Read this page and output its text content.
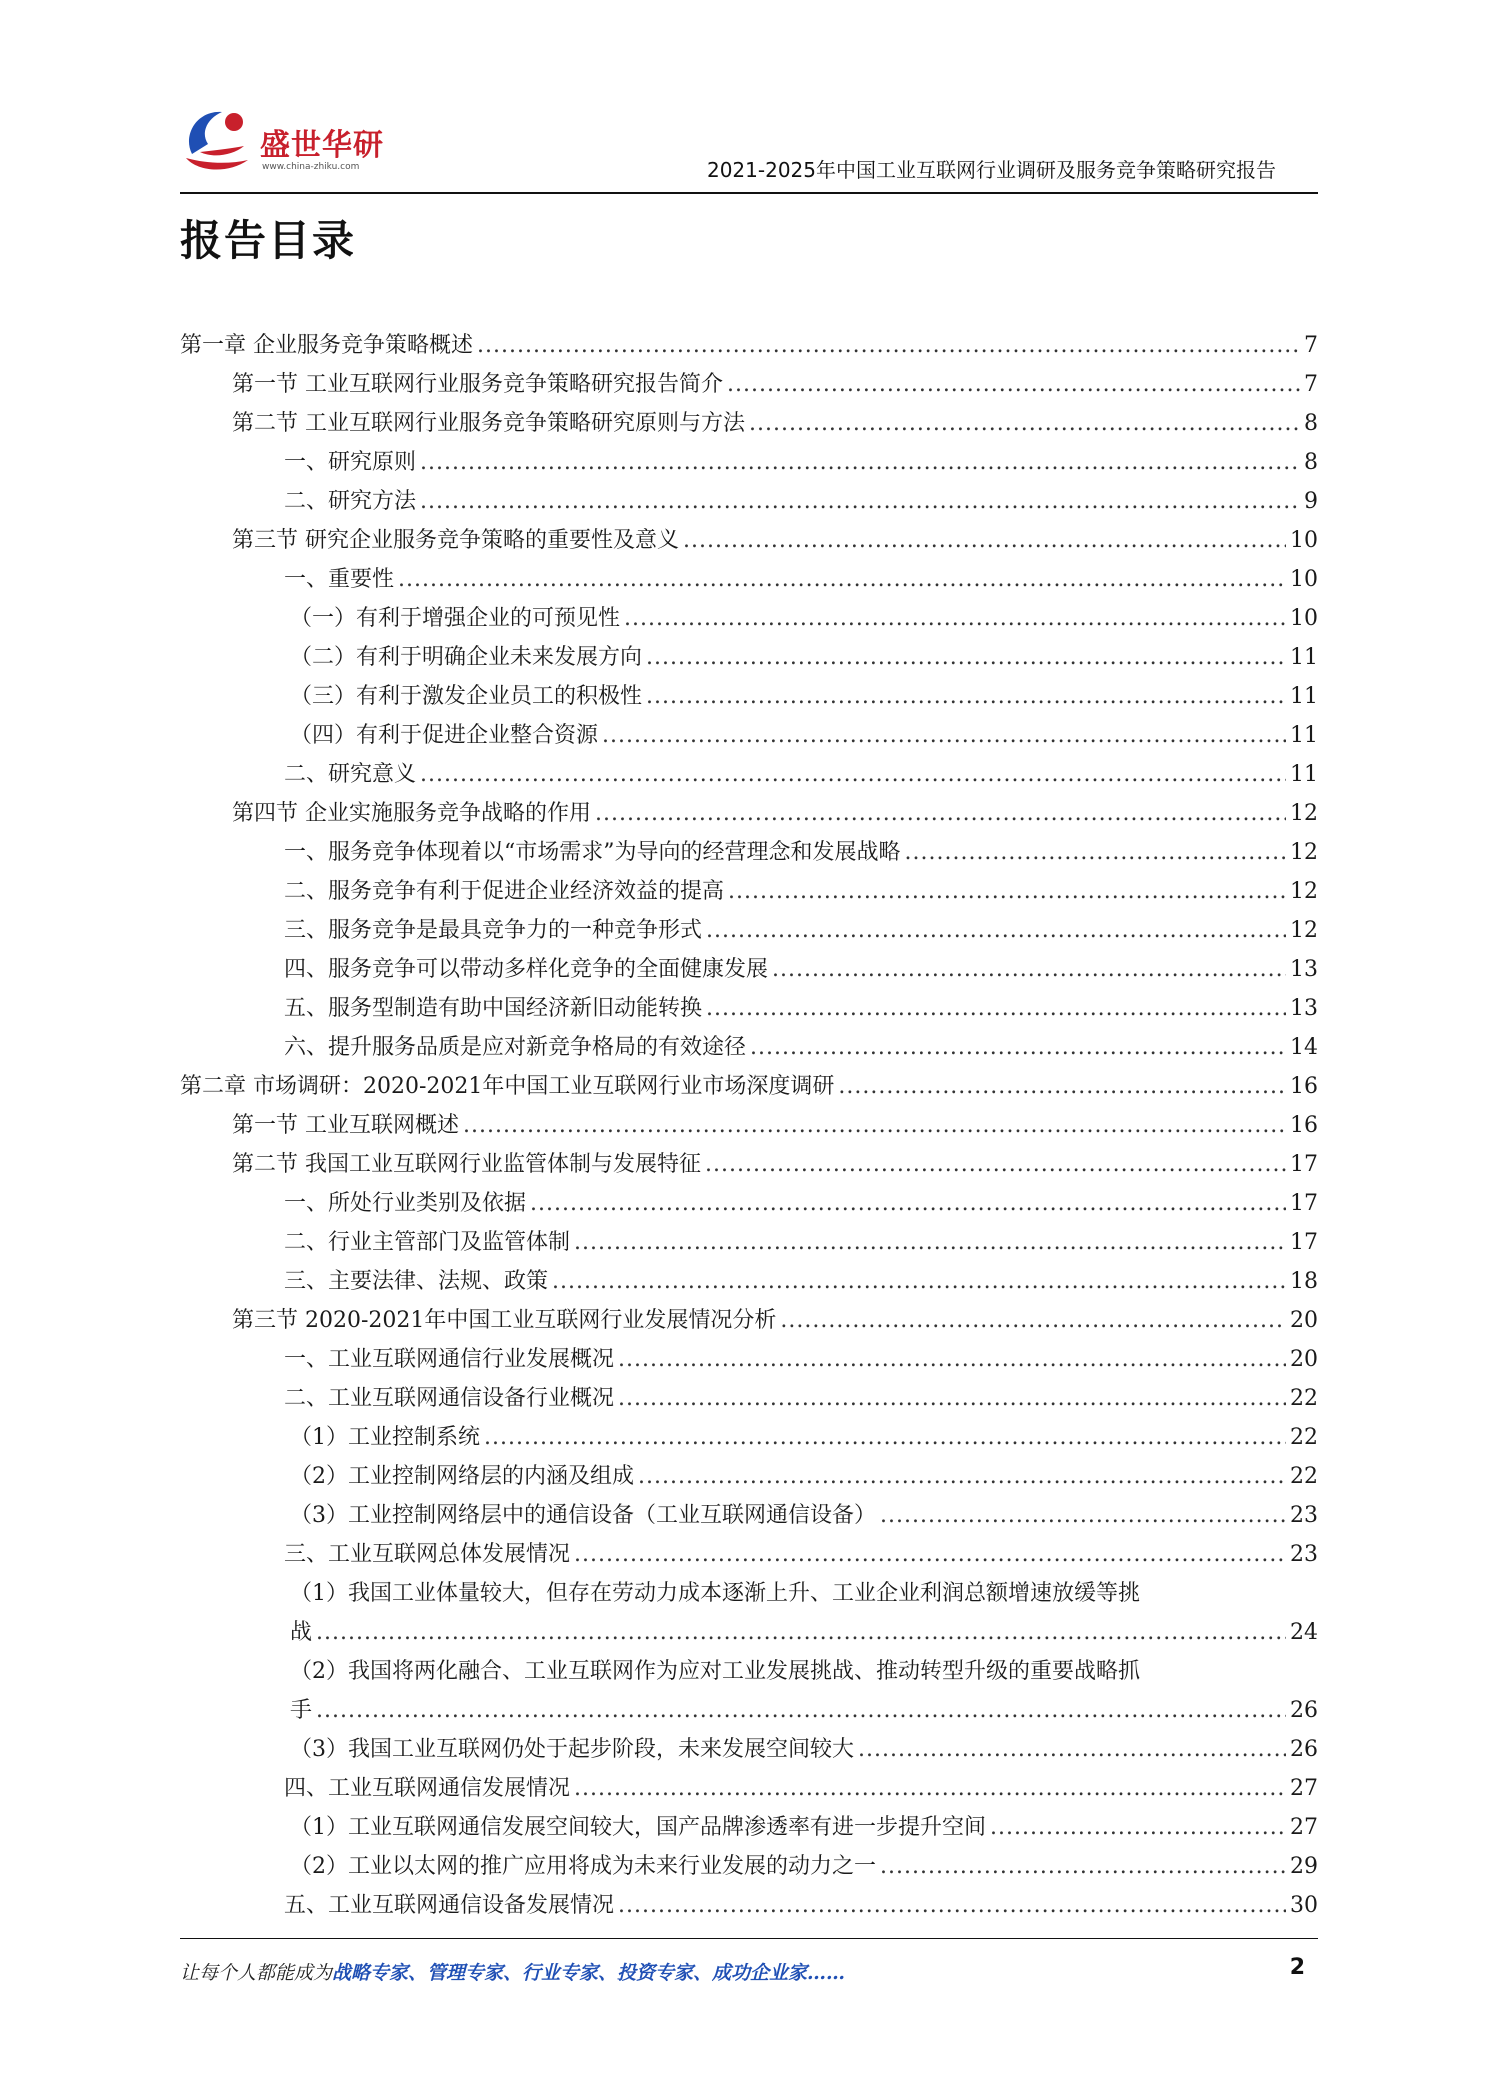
盛世华研
www.china-zhiku.com	2021-2025年中国工业互联网行业调研及服务竞争策略研究报告
报告目录
第一章 企业服务竞争策略概述 .....	7
第一节 工业互联网行业服务竞争策略研究报告简介 .....	7
第二节 工业互联网行业服务竞争策略研究原则与方法 .....	8
一、研究原则 .....	8
二、研究方法 .....	9
第三节 研究企业服务竞争策略的重要性及意义 .....	10
一、重要性 .....	10
（一）有利于增强企业的可预见性 .....	10
（二）有利于明确企业未来发展方向 .....	11
（三）有利于激发企业员工的积极性 .....	11
（四）有利于促进企业整合资源 .....	11
二、研究意义 .....	11
第四节 企业实施服务竞争战略的作用 .....	12
一、服务竞争体现着以“市场需求”为导向的经营理念和发展战略 .....	12
二、服务竞争有利于促进企业经济效益的提高 .....	12
三、服务竞争是最具竞争力的一种竞争形式 .....	12
四、服务竞争可以带动多样化竞争的全面健康发展 .....	13
五、服务型制造有助中国经济新旧动能转换 .....	13
六、提升服务品质是应对新竞争格局的有效途径 .....	14
第二章 市场调研：2020-2021年中国工业互联网行业市场深度调研 .....	16
第一节 工业互联网概述 .....	16
第二节 我国工业互联网行业监管体制与发展特征 .....	17
一、所处行业类别及依据 .....	17
二、行业主管部门及监管体制 .....	17
三、主要法律、法规、政策 .....	18
第三节 2020-2021年中国工业互联网行业发展情况分析 .....	20
一、工业互联网通信行业发展概况 .....	20
二、工业互联网通信设备行业概况 .....	22
（1）工业控制系统 .....	22
（2）工业控制网络层的内涵及组成 .....	22
（3）工业控制网络层中的通信设备（工业互联网通信设备） .....	23
三、工业互联网总体发展情况 .....	23
（1）我国工业体量较大，但存在劳动力成本逐渐上升、工业企业利润总额增速放缓等挑
战 .....	24
（2）我国将两化融合、工业互联网作为应对工业发展挑战、推动转型升级的重要战略抓
手 .....	26
（3）我国工业互联网仍处于起步阶段，未来发展空间较大 .....	26
四、工业互联网通信发展情况 .....	27
（1）工业互联网通信发展空间较大，国产品牌渗透率有进一步提升空间 .....	27
（2）工业以太网的推广应用将成为未来行业发展的动力之一 .....	29
五、工业互联网通信设备发展情况 .....	30
让每个人都能成为战略专家、管理专家、行业专家、投资专家、成功企业家……	2
